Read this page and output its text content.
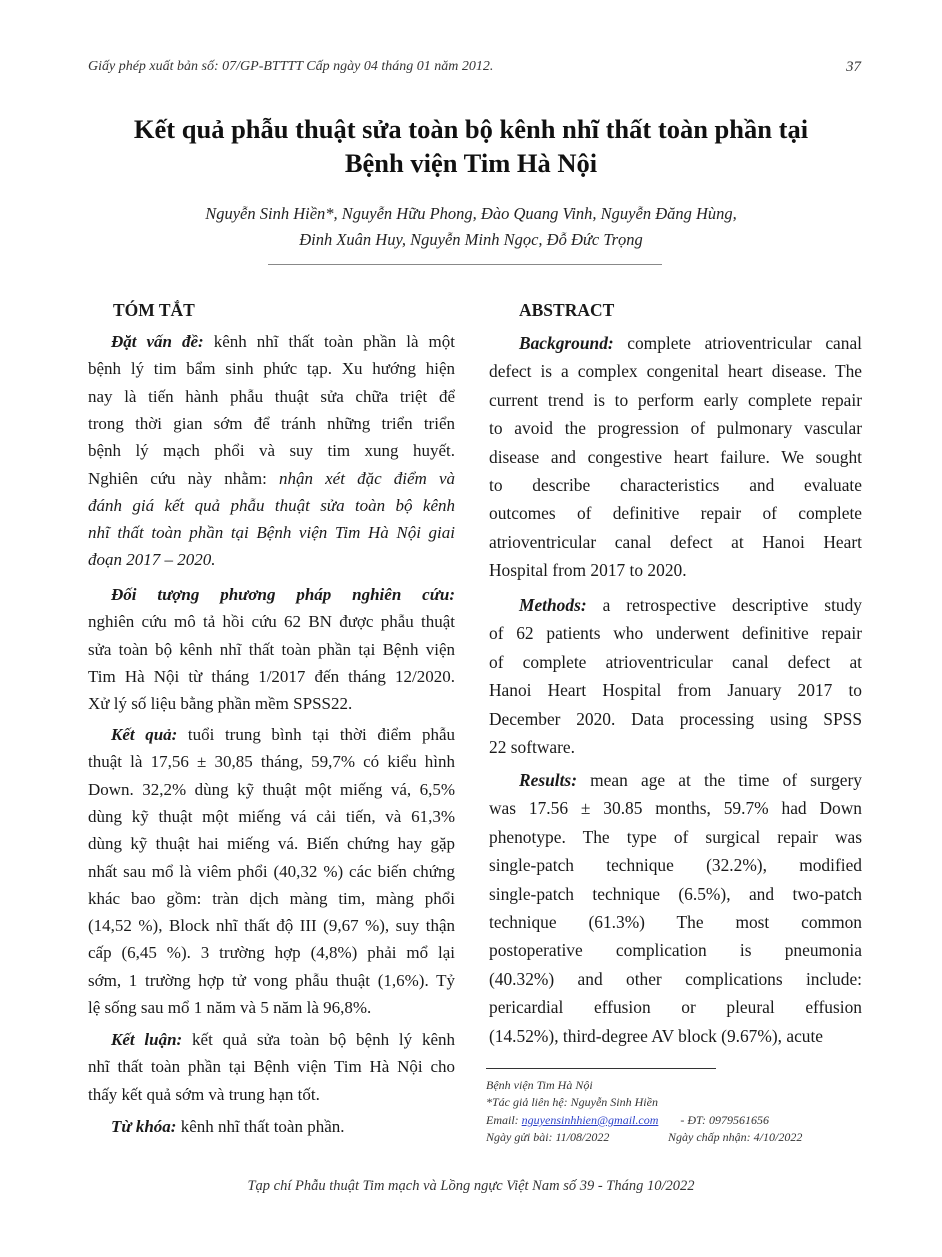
Giấy phép xuất bản số: 07/GP-BTTTT Cấp ngày 04 tháng 01 năm 2012.	37
Kết quả phẫu thuật sửa toàn bộ kênh nhĩ thất toàn phần tại
Bệnh viện Tim Hà Nội
Nguyễn Sinh Hiền*, Nguyễn Hữu Phong, Đào Quang Vinh, Nguyễn Đăng Hùng,
Đinh Xuân Huy, Nguyễn Minh Ngọc, Đỗ Đức Trọng
TÓM TẮT	ABSTRACT
Đặt vấn đề: kênh nhĩ thất toàn phần là một
bệnh lý tim bẩm sinh phức tạp. Xu hướng hiện
nay là tiến hành phẫu thuật sửa chữa triệt để
trong thời gian sớm để tránh những triển triển
bệnh lý mạch phổi và suy tim xung huyết.
Nghiên cứu này nhằm: nhận xét đặc điểm và
đánh giá kết quả phẫu thuật sửa toàn bộ kênh
nhĩ thất toàn phần tại Bệnh viện Tim Hà Nội giai
đoạn 2017 – 2020.
Đối tượng phương pháp nghiên cứu:
nghiên cứu mô tả hồi cứu 62 BN được phẫu thuật
sửa toàn bộ kênh nhĩ thất toàn phần tại Bệnh viện
Tim Hà Nội từ tháng 1/2017 đến tháng 12/2020.
Xử lý số liệu bằng phần mềm SPSS22.
Kết quả: tuổi trung bình tại thời điểm phẫu
thuật là 17,56 ± 30,85 tháng, 59,7% có kiểu hình
Down. 32,2% dùng kỹ thuật một miếng vá, 6,5%
dùng kỹ thuật một miếng vá cải tiến, và 61,3%
dùng kỹ thuật hai miếng vá. Biến chứng hay gặp
nhất sau mổ là viêm phổi (40,32 %) các biến chứng
khác bao gồm: tràn dịch màng tim, màng phổi
(14,52 %), Block nhĩ thất độ III (9,67 %), suy thận
cấp (6,45 %). 3 trường hợp (4,8%) phải mổ lại
sớm, 1 trường hợp tử vong phẫu thuật (1,6%). Tỷ
lệ sống sau mổ 1 năm và 5 năm là 96,8%.
Kết luận: kết quả sửa toàn bộ bệnh lý kênh
nhĩ thất toàn phần tại Bệnh viện Tim Hà Nội cho
thấy kết quả sớm và trung hạn tốt.
Từ khóa: kênh nhĩ thất toàn phần.
Background: complete atrioventricular canal
defect is a complex congenital heart disease. The
current trend is to perform early complete repair
to avoid the progression of pulmonary vascular
disease and congestive heart failure. We sought
to describe characteristics and evaluate
outcomes of definitive repair of complete
atrioventricular canal defect at Hanoi Heart
Hospital from 2017 to 2020.
Methods: a retrospective descriptive study
of 62 patients who underwent definitive repair
of complete atrioventricular canal defect at
Hanoi Heart Hospital from January 2017 to
December 2020. Data processing using SPSS
22 software.
Results: mean age at the time of surgery
was 17.56 ± 30.85 months, 59.7% had Down
phenotype. The type of surgical repair was
single-patch technique (32.2%), modified
single-patch technique (6.5%), and two-patch
technique (61.3%) The most common
postoperative complication is pneumonia
(40.32%) and other complications include:
pericardial effusion or pleural effusion
(14.52%), third-degree AV block (9.67%), acute
Bệnh viện Tim Hà Nội
*Tác giả liên hệ: Nguyễn Sinh Hiền
Email: nguyensinhhien@gmail.com - ĐT: 0979561656
Ngày gửi bài: 11/08/2022	Ngày chấp nhận: 4/10/2022
Tạp chí Phẫu thuật Tim mạch và Lồng ngực Việt Nam số 39 - Tháng 10/2022
